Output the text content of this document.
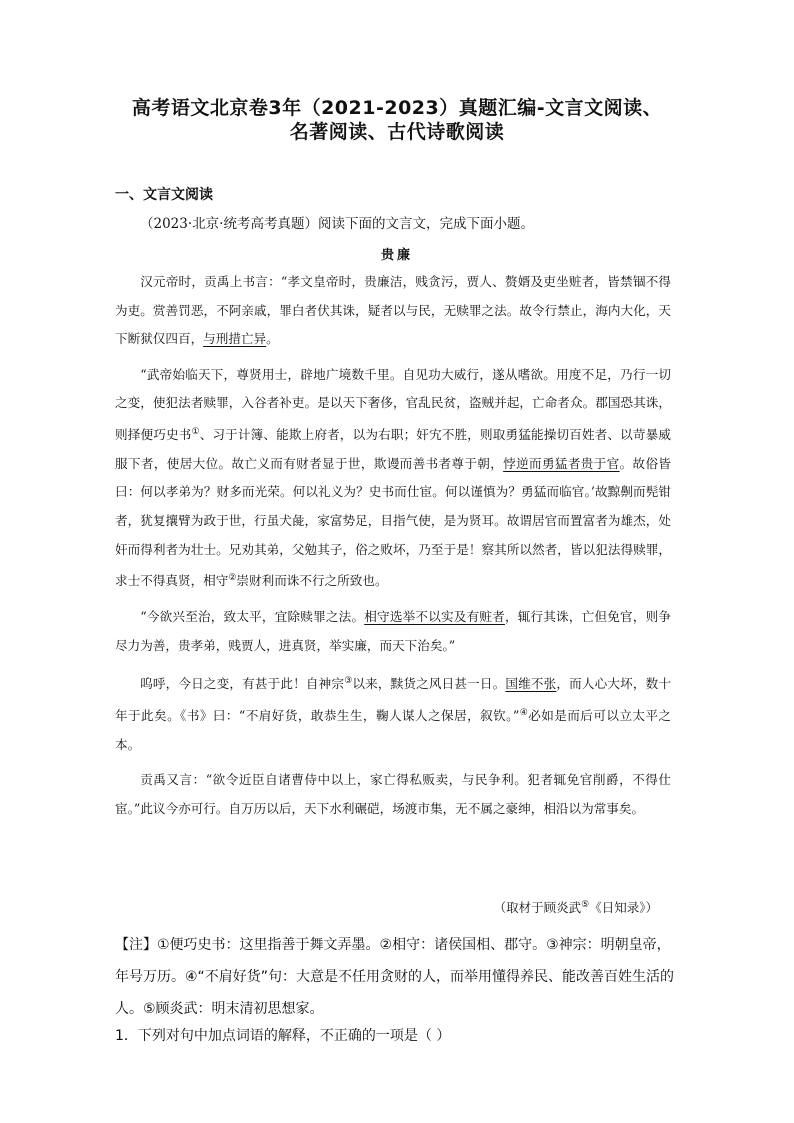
高考语文北京卷3年（2021-2023）真题汇编-文言文阅读、
名著阅读、古代诗歌阅读
一、文言文阅读
（2023·北京·统考高考真题）阅读下面的文言文，完成下面小题。
贵廉

汉元帝时，贡禹上书言：“孝文皇帝时，贵廉洁，贱贪污，贾人、赘婿及吏坐赃者，皆禁锢不得为吏。赏善罚恶，不阿亲戚，罪白者伏其诛，疑者以与民，无赎罪之法。故令行禁止，海内大化，天下断狱仅四百，与刑措亡异。

“武帝始临天下，尊贤用士，辟地广境数千里。自见功大威行，遂从嗜欲。用度不足，乃行一切之变，使犯法者赎罪，入谷者补吏。是以天下奢侈，官乱民贫，盗贼并起，亡命者众。郡国恐其诛，则择便巧史书①、习于计簿、能欺上府者，以为右职；奸宄不胜，则取勇猛能操切百姓者、以苛暴威服下者，使居大位。故亡义而有财者显于世，欺谩而善书者尊于朝，悖逆而勇猛者贵于官。故俗皆曰：何以孝弟为？财多而光荣。何以礼义为？史书而仕宦。何以谨慎为？勇猛而临官。’故黥劓而髡钳者，犹复攘臂为政于世，行虽犬彘，家富势足，目指气使，是为贤耳。故谓居官而置富者为雄杰，处奸而得利者为壮士。兄劝其弟，父勉其子，俗之败坏，乃至于是！察其所以然者，皆以犯法得赎罪，求士不得真贤，相守②崇财利而诛不行之所致也。

“今欲兴至治，致太平，宜除赎罪之法。相守选举不以实及有赃者，辄行其诛，亡但免官，则争尽力为善，贵孝弟，贱贾人，进真贤，举实廉，而天下治矣。”

呜呼，今日之变，有甚于此！自神宗③以来，黩货之风日甚一日。国维不张，而人心大坏，数十年于此矣。《书》曰：“不肩好货，敢恭生生，鞠人谋人之保居，叙钦。”④必如是而后可以立太平之本。

贡禹又言：“欲令近臣自诸曹侍中以上，家亡得私贩卖，与民争利。犯者辄免官削爵，不得仕宦。”此议今亦可行。自万历以后，天下水利碾硙，场渡市集，无不属之豪绅，相沿以为常事矣。

（取材于顾炎武⑤《日知录》）

【注】①便巧史书：这里指善于舞文弄墨。②相守：诸侯国相、郡守。③神宗：明朝皇帝，年号万历。④“不肩好货”句：大意是不任用贪财的人，而举用懂得养民、能改善百姓生活的人。⑤顾炎武：明末清初思想家。

1．下列对句中加点词语的解释，不正确的一项是（ ）
